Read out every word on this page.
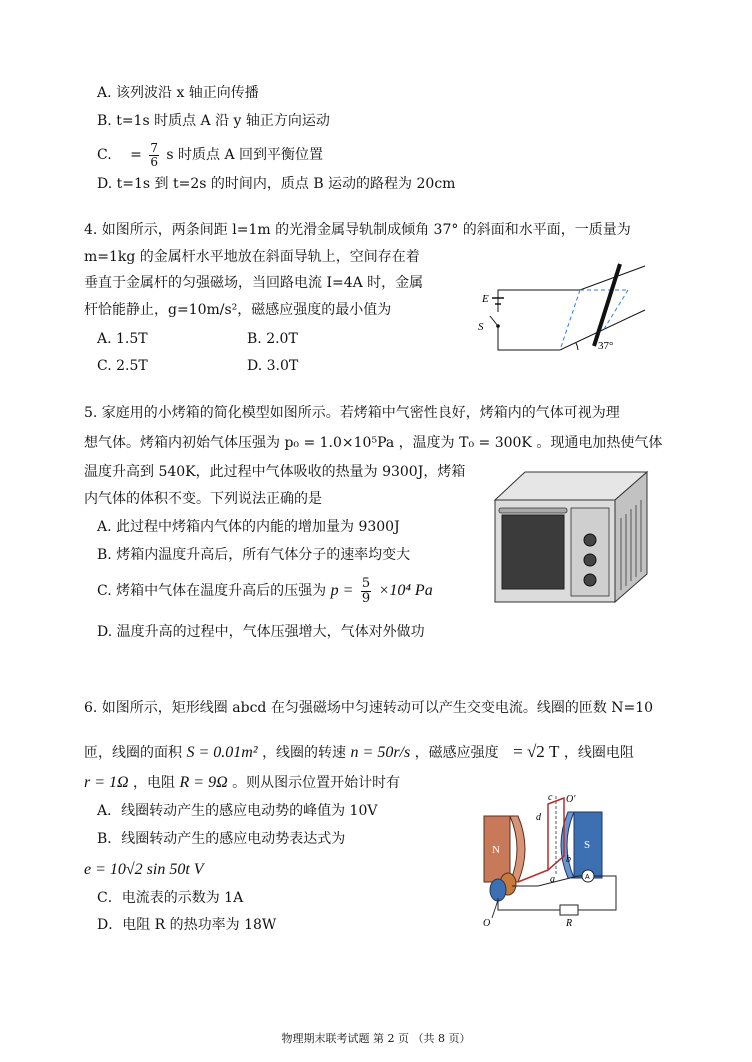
A. 该列波沿 x 轴正向传播
B. t=1s 时质点 A 沿 y 轴正方向运动
C. = $\frac{7}{6}$ s 时质点 A 回到平衡位置
D. t=1s 到 t=2s 的时间内，质点 B 运动的路程为 20cm
4. 如图所示，两条间距 l=1m 的光滑金属导轨制成倾角 37° 的斜面和水平面，一质量为
m=1kg 的金属杆水平地放在斜面导轨上，空间存在着
垂直于金属杆的匀强磁场，当回路电流 I=4A 时，金属
杆恰能静止，g=10m/s²，磁感应强度的最小值为
A. 1.5T	B. 2.0T
C. 2.5T	D. 3.0T
E
S
37°
5. 家庭用的小烤箱的简化模型如图所示。若烤箱中气密性良好，烤箱内的气体可视为理
想气体。烤箱内初始气体压强为 p₀ = 1.0×10⁵Pa ，温度为 T₀ = 300K 。现通电加热使气体
温度升高到 540K，此过程中气体吸收的热量为 9300J，烤箱
内气体的体积不变。下列说法正确的是
A. 此过程中烤箱内气体的内能的增加量为 9300J
B. 烤箱内温度升高后，所有气体分子的速率均变大
C. 烤箱中气体在温度升高后的压强为 $p = \frac{5}{9} \times 10^4$ Pa
D. 温度升高的过程中，气体压强增大，气体对外做功
6. 如图所示，矩形线圈 abcd 在匀强磁场中匀速转动可以产生交变电流。线圈的匝数 N=10
匝，线圈的面积 S = 0.01m² ，线圈的转速 n = 50r/s ，磁感应强度 = √2 T ，线圈电阻
r = 1Ω ，电阻 R = 9Ω 。则从图示位置开始计时有
A．线圈转动产生的感应电动势的峰值为 10V
B．线圈转动产生的感应电动势表达式为
e = 10√2 sin 50t V
C．电流表的示数为 1A
D．电阻 R 的热功率为 18W
N	S
a
b
c
d
O
O′
A
R
物理期末联考试题 第 2 页 （共 8 页）
